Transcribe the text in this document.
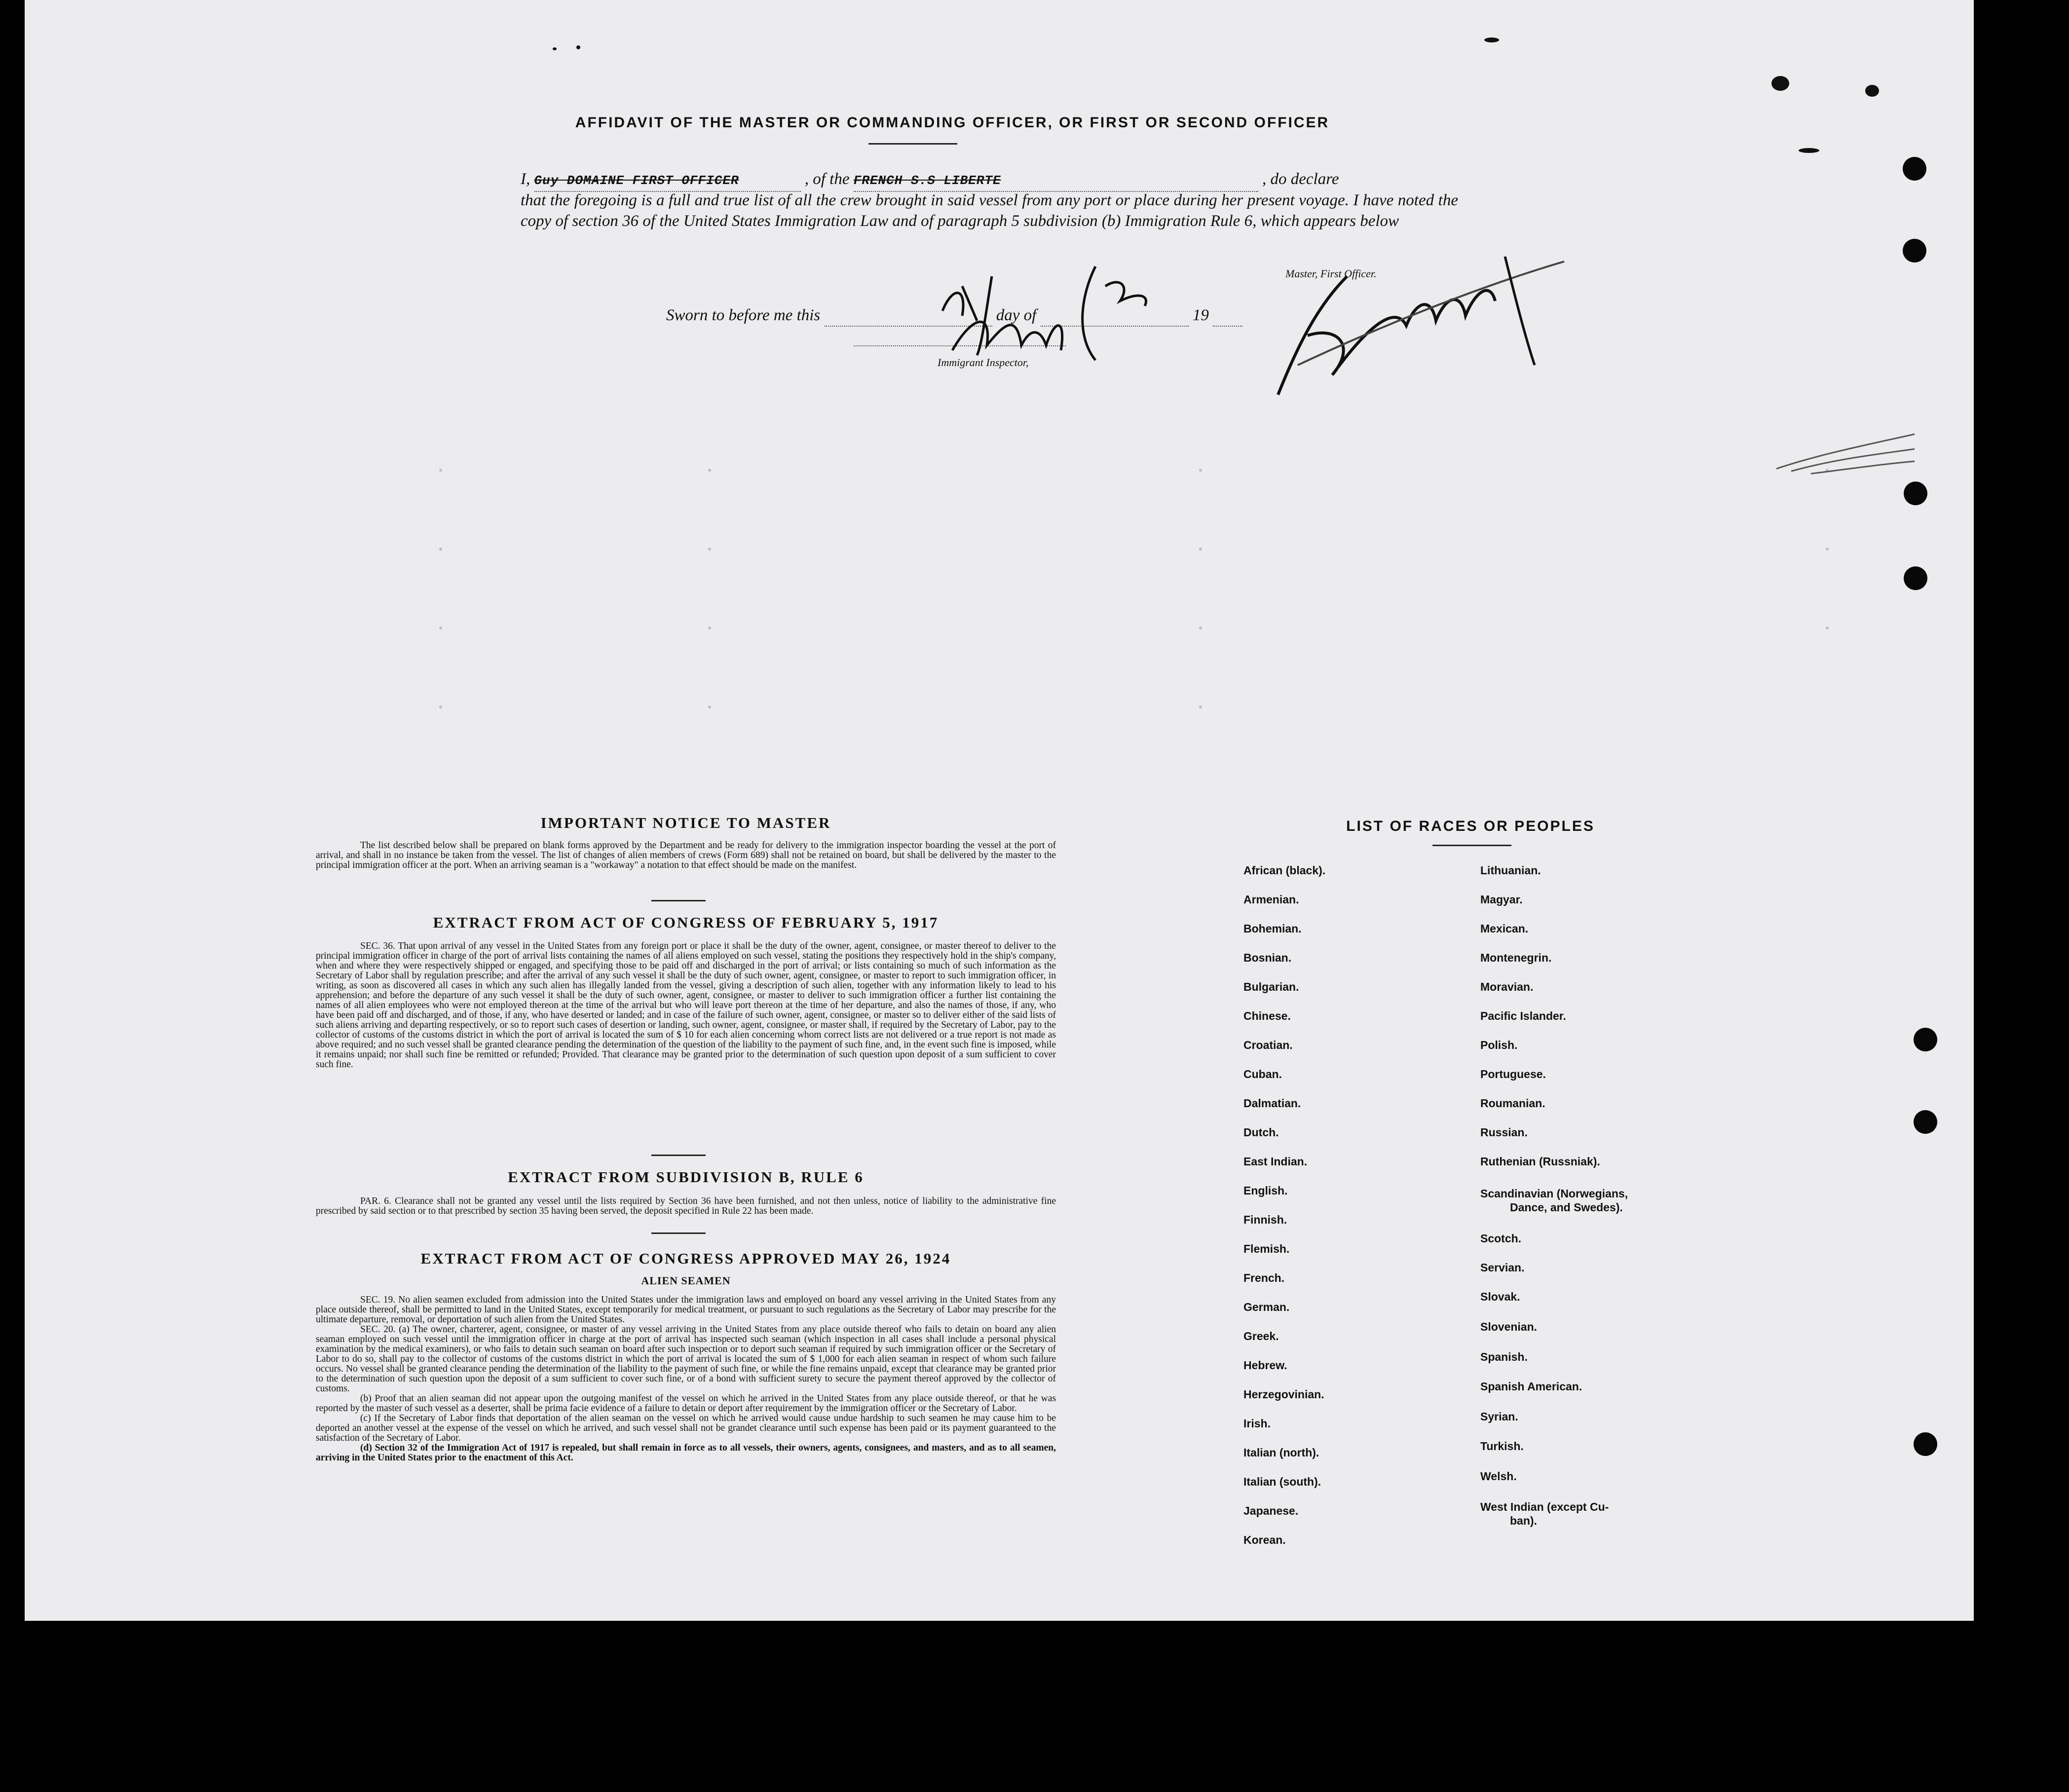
AFFIDAVIT OF THE MASTER OR COMMANDING OFFICER, OR FIRST OR SECOND OFFICER
I, Guy DOMAINE FIRST OFFICER	, of the FRENCH S.S LIBERTE	, do declare
that the foregoing is a full and true list of all the crew brought in said vessel from any port or place during her present voyage. I have noted the copy of section 36 of the United States Immigration Law and of paragraph 5 subdivision (b) Immigration Rule 6, which appears below
Master, First Officer.
Sworn to before me this	day of	19
Immigrant Inspector,
IMPORTANT NOTICE TO MASTER

The list described below shall be prepared on blank forms approved by the Department and be ready for delivery to the immigration inspector boarding the vessel at the port of arrival, and shall in no instance be taken from the vessel. The list of changes of alien members of crews (Form 689) shall not be retained on board, but shall be delivered by the master to the principal immigration officer at the port. When an arriving seaman is a "workaway" a notation to that effect should be made on the manifest.

EXTRACT FROM ACT OF CONGRESS OF FEBRUARY 5, 1917

SEC. 36. That upon arrival of any vessel in the United States from any foreign port or place it shall be the duty of the owner, agent, consignee, or master thereof to deliver to the principal immigration officer in charge of the port of arrival lists containing the names of all aliens employed on such vessel, stating the positions they respectively hold in the ship's company, when and where they were respectively shipped or engaged, and specifying those to be paid off and discharged in the port of arrival; or lists containing so much of such information as the Secretary of Labor shall by regulation prescribe; and after the arrival of any such vessel it shall be the duty of such owner, agent, consignee, or master to report to such immigration officer, in writing, as soon as discovered all cases in which any such alien has illegally landed from the vessel, giving a description of such alien, together with any information likely to lead to his apprehension; and before the departure of any such vessel it shall be the duty of such owner, agent, consignee, or master to deliver to such immigration officer a further list containing the names of all alien employees who were not employed thereon at the time of the arrival but who will leave port thereon at the time of her departure, and also the names of those, if any, who have been paid off and discharged, and of those, if any, who have deserted or landed; and in case of the failure of such owner, agent, consignee, or master so to deliver either of the said lists of such aliens arriving and departing respectively, or so to report such cases of desertion or landing, such owner, agent, consignee, or master shall, if required by the Secretary of Labor, pay to the collector of customs of the customs district in which the port of arrival is located the sum of $ 10 for each alien concerning whom correct lists are not delivered or a true report is not made as above required; and no such vessel shall be granted clearance pending the determination of the question of the liability to the payment of such fine, and, in the event such fine is imposed, while it remains unpaid; nor shall such fine be remitted or refunded; Provided. That clearance may be granted prior to the determination of such question upon deposit of a sum sufficient to cover such fine.

EXTRACT FROM SUBDIVISION B, RULE 6

PAR. 6. Clearance shall not be granted any vessel until the lists required by Section 36 have been furnished, and not then unless, notice of liability to the administrative fine prescribed by said section or to that prescribed by section 35 having been served, the deposit specified in Rule 22 has been made.

EXTRACT FROM ACT OF CONGRESS APPROVED MAY 26, 1924
ALIEN SEAMEN

SEC. 19. No alien seamen excluded from admission into the United States under the immigration laws and employed on board any vessel arriving in the United States from any place outside thereof, shall be permitted to land in the United States, except temporarily for medical treatment, or pursuant to such regulations as the Secretary of Labor may prescribe for the ultimate departure, removal, or deportation of such alien from the United States.

SEC. 20. (a) The owner, charterer, agent, consignee, or master of any vessel arriving in the United States from any place outside thereof who fails to detain on board any alien seaman employed on such vessel until the immigration officer in charge at the port of arrival has inspected such seaman (which inspection in all cases shall include a personal physical examination by the medical examiners), or who fails to detain such seaman on board after such inspection or to deport such seaman if required by such immigration officer or the Secretary of Labor to do so, shall pay to the collector of customs of the customs district in which the port of arrival is located the sum of $ 1,000 for each alien seaman in respect of whom such failure occurs. No vessel shall be granted clearance pending the determination of the liability to the payment of such fine, or while the fine remains unpaid, except that clearance may be granted prior to the determination of such question upon the deposit of a sum sufficient to cover such fine, or of a bond with sufficient surety to secure the payment thereof approved by the collector of customs.

(b) Proof that an alien seaman did not appear upon the outgoing manifest of the vessel on which he arrived in the United States from any place outside thereof, or that he was reported by the master of such vessel as a deserter, shall be prima facie evidence of a failure to detain or deport after requirement by the immigration officer or the Secretary of Labor.

(c) If the Secretary of Labor finds that deportation of the alien seaman on the vessel on which he arrived would cause undue hardship to such seamen he may cause him to be deported an another vessel at the expense of the vessel on which he arrived, and such vessel shall not be grandet clearance until such expense has been paid or its payment guaranteed to the satisfaction of the Secretary of Labor.

(d) Section 32 of the Immigration Act of 1917 is repealed, but shall remain in force as to all vessels, their owners, agents, consignees, and masters, and as to all seamen, arriving in the United States prior to the enactment of this Act.

LIST OF RACES OR PEOPLES
African (black).
Armenian.
Bohemian.
Bosnian.
Bulgarian.
Chinese.
Croatian.
Cuban.
Dalmatian.
Dutch.
East Indian.
English.
Finnish.
Flemish.
French.
German.
Greek.
Hebrew.
Herzegovinian.
Irish.
Italian (north).
Italian (south).
Japanese.
Korean.
Lithuanian.
Magyar.
Mexican.
Montenegrin.
Moravian.
Pacific Islander.
Polish.
Portuguese.
Roumanian.
Russian.
Ruthenian (Russniak).
Scandinavian (Norwegians,
Dance, and Swedes).
Scotch.
Servian.
Slovak.
Slovenian.
Spanish.
Spanish American.
Syrian.
Turkish.
Welsh.
West Indian (except Cu-
ban).
